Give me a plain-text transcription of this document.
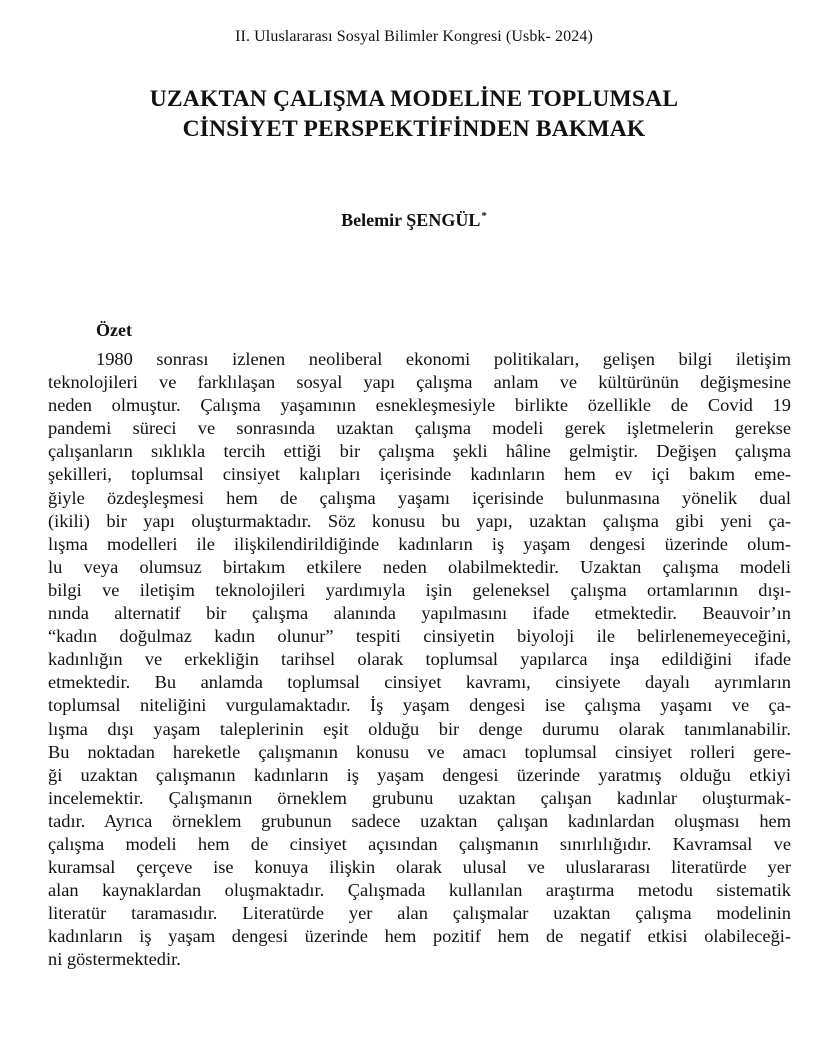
II. Uluslararası Sosyal Bilimler Kongresi (Usbk- 2024)
UZAKTAN ÇALIŞMA MODELİNE TOPLUMSAL
CİNSİYET PERSPEKTİFİNDEN BAKMAK
Belemir ŞENGÜL*
Özet
1980 sonrası izlenen neoliberal ekonomi politikaları, gelişen bilgi iletişim
teknolojileri ve farklılaşan sosyal yapı çalışma anlam ve kültürünün değişmesine
neden olmuştur. Çalışma yaşamının esnekleşmesiyle birlikte özellikle de Covid 19
pandemi süreci ve sonrasında uzaktan çalışma modeli gerek işletmelerin gerekse
çalışanların sıklıkla tercih ettiği bir çalışma şekli hâline gelmiştir. Değişen çalışma
şekilleri, toplumsal cinsiyet kalıpları içerisinde kadınların hem ev içi bakım eme-
ğiyle özdeşleşmesi hem de çalışma yaşamı içerisinde bulunmasına yönelik dual
(ikili) bir yapı oluşturmaktadır. Söz konusu bu yapı, uzaktan çalışma gibi yeni ça-
lışma modelleri ile ilişkilendirildiğinde kadınların iş yaşam dengesi üzerinde olum-
lu veya olumsuz birtakım etkilere neden olabilmektedir. Uzaktan çalışma modeli
bilgi ve iletişim teknolojileri yardımıyla işin geleneksel çalışma ortamlarının dışı-
nında alternatif bir çalışma alanında yapılmasını ifade etmektedir. Beauvoir’ın
“kadın doğulmaz kadın olunur” tespiti cinsiyetin biyoloji ile belirlenemeyeceğini,
kadınlığın ve erkekliğin tarihsel olarak toplumsal yapılarca inşa edildiğini ifade
etmektedir. Bu anlamda toplumsal cinsiyet kavramı, cinsiyete dayalı ayrımların
toplumsal niteliğini vurgulamaktadır. İş yaşam dengesi ise çalışma yaşamı ve ça-
lışma dışı yaşam taleplerinin eşit olduğu bir denge durumu olarak tanımlanabilir.
Bu noktadan hareketle çalışmanın konusu ve amacı toplumsal cinsiyet rolleri gere-
ği uzaktan çalışmanın kadınların iş yaşam dengesi üzerinde yaratmış olduğu etkiyi
incelemektir. Çalışmanın örneklem grubunu uzaktan çalışan kadınlar oluşturmak-
tadır. Ayrıca örneklem grubunun sadece uzaktan çalışan kadınlardan oluşması hem
çalışma modeli hem de cinsiyet açısından çalışmanın sınırlılığıdır. Kavramsal ve
kuramsal çerçeve ise konuya ilişkin olarak ulusal ve uluslararası literatürde yer
alan kaynaklardan oluşmaktadır. Çalışmada kullanılan araştırma metodu sistematik
literatür taramasıdır. Literatürde yer alan çalışmalar uzaktan çalışma modelinin
kadınların iş yaşam dengesi üzerinde hem pozitif hem de negatif etkisi olabileceği-
ni göstermektedir.
